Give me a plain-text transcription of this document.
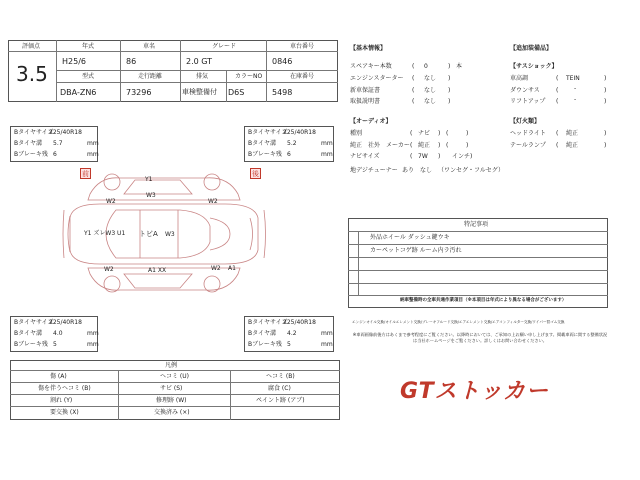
評価点	年式	車名	グレード	車台番号
3.5
H25/6	86	2.0 GT	0846
型式	走行距離	排気	カラーNO	在庫番号
DBA-ZN6	73296	車検整備付 D6S	5498
【基本情報】
スペアキー本数	( 0	) 本
エンジンスターター ( なし )
新車保証書	( なし )
取扱説明書	( なし )
【追加装備品】
【サスショック】
車高調	( TEIN	)
ダウンサス	(	-	)
リフトアップ (	-	)
【灯火類】
ヘッドライト ( 純正	)
テールランプ ( 純正	)
【オーディオ】
種別	( ナビ ) (	)
純正　社外　メーカー ( 純正 ) (	)
ナビサイズ	( 7W ) インチ )
地デジチューナー あり　なし （ワンセグ・フルセグ）
Bタイヤサイズ
225/40R18
Bタイヤ溝 5.7	mm
Bブレーキ残 6	mm
Bタイヤサイズ
225/40R18
Bタイヤ溝 5.2	mm
Bブレーキ残 6	mm
Bタイヤサイズ
225/40R18
Bタイヤ溝 4.0	mm
Bブレーキ残 5	mm
Bタイヤサイズ
225/40R18
Bタイヤ溝 4.2	mm
Bブレーキ残 5	mm
前	後
Y1
W2
W3
W2
Y1 ズレW3 U1 トビA W3
W2	A1 XX	W2 A1
特記事項
外品ホイール ダッシュ鍵ウキ
カーペットコゲ跡 ルーム内ラ汚れ
納車整備時の全車共通作業項目（※本項目は年式により異なる場合がございます）
エンジンオイル交換/オイルエレメント交換/ブレーキフルード交換/エアエレメント交換/エアコンフィルター交換/ワイパー替ゴム交換
※車両画像前後方はあくまで参考程度にご覧ください。以降時においては、ご承知の上お願い申し上げます。掲載車両に関する整備状況は当社ホームページをご覧ください。詳しくはお問い合わせください。
凡例
傷 (A)	ヘコミ (U)	ヘコミ (B)
傷を伴うヘコミ (B)	サビ (S)	腐食 (C)
割れ (Y)	修理跡 (W)	ペイント跡 (アブ)
要交換 (X)	交換済み (×)
GTストッカー
